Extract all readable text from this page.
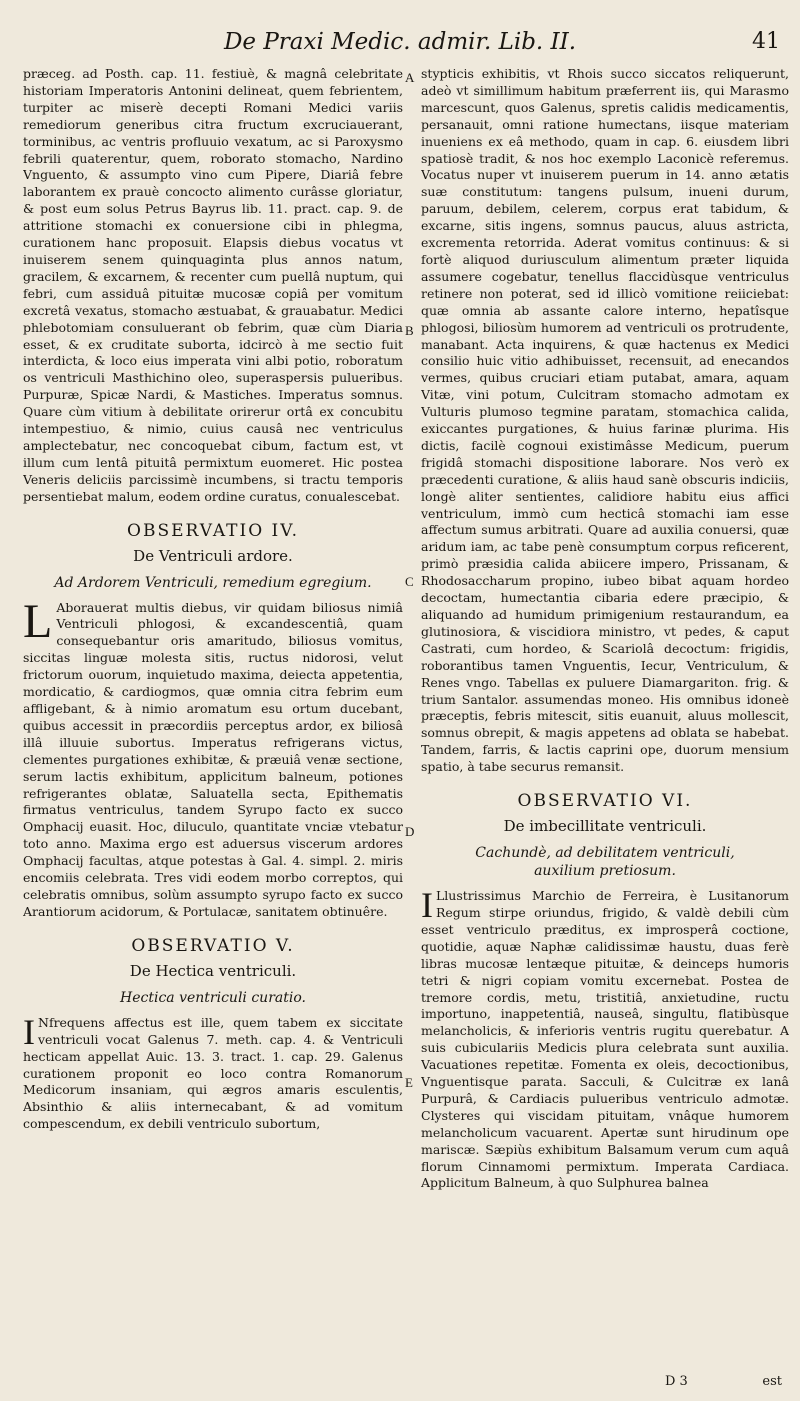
De Praxi Medic. admir. Lib. II.	41
A
B
C
D
E

præceg. ad Posth. cap. 11. festiuè, & magnâ celebritate historiam Imperatoris Antonini delineat, quem febrientem, turpiter ac miserè decepti Romani Medici variis remediorum generibus citra fructum excruciauerant, torminibus, ac ventris profluuio vexatum, ac si Paroxysmo febrili quaterentur, quem, roborato stomacho, Nardino Vnguento, & assumpto vino cum Pipere, Diariâ febre laborantem ex prauè concocto alimento curâsse gloriatur, & post eum solus Petrus Bayrus lib. 11. pract. cap. 9. de attritione stomachi ex conuersione cibi in phlegma, curationem hanc proposuit. Elapsis diebus vocatus vt inuiserem senem quinquaginta plus annos natum, gracilem, & excarnem, & recenter cum puellâ nuptum, qui febri, cum assiduâ pituitæ mucosæ copiâ per vomitum excretâ vexatus, stomacho æstuabat, & grauabatur. Medici phlebotomiam consuluerant ob febrim, quæ cùm Diaria esset, & ex cruditate suborta, idcircò à me sectio fuit interdicta, & loco eius imperata vini albi potio, roboratum os ventriculi Masthichino oleo, superaspersis pulueribus. Purpuræ, Spicæ Nardi, & Mastiches. Imperatus somnus. Quare cùm vitium à debilitate orirerur ortâ ex concubitu intempestiuo, & nimio, cuius causâ nec ventriculus amplectebatur, nec concoquebat cibum, factum est, vt illum cum lentâ pituitâ permixtum euomeret. Hic postea Veneris deliciis parcissimè incumbens, si tractu temporis persentiebat malum, eodem ordine curatus, conualescebat.

OBSERVATIO IV.
De Ventriculi ardore.
Ad Ardorem Ventriculi, remedium egregium.

L Aborauerat multis diebus, vir quidam biliosus nimiâ Ventriculi phlogosi, & excandescentiâ, quam consequebantur oris amaritudo, biliosus vomitus, siccitas linguæ molesta sitis, ructus nidorosi, velut frictorum ouorum, inquietudo maxima, deiecta appetentia, mordicatio, & cardiogmos, quæ omnia citra febrim eum affligebant, & à nimio aromatum esu ortum ducebant, quibus accessit in præcordiis perceptus ardor, ex biliosâ illâ illuuie subortus. Imperatus refrigerans victus, clementes purgationes exhibitæ, & præuiâ venæ sectione, serum lactis exhibitum, applicitum balneum, potiones refrigerantes oblatæ, Saluatella secta, Epithematis firmatus ventriculus, tandem Syrupo facto ex succo Omphacij euasit. Hoc, diluculo, quantitate vnciæ vtebatur toto anno. Maxima ergo est aduersus viscerum ardores Omphacij facultas, atque potestas à Gal. 4. simpl. 2. miris encomiis celebrata. Tres vidi eodem morbo correptos, qui celebratis omnibus, solùm assumpto syrupo facto ex succo Arantiorum acidorum, & Portulacæ, sanitatem obtinuêre.

OBSERVATIO V.
De Hectica ventriculi.
Hectica ventriculi curatio.

I Nfrequens affectus est ille, quem tabem ex siccitate ventriculi vocat Galenus 7. meth. cap. 4. & Ventriculi hecticam appellat Auic. 13. 3. tract. 1. cap. 29. Galenus curationem proponit eo loco contra Romanorum Medicorum insaniam, qui ægros amaris esculentis, Absinthio & aliis internecabant, & ad vomitum compescendum, ex debili ventriculo subortum,

stypticis exhibitis, vt Rhois succo siccatos reliquerunt, adeò vt simillimum habitum præferrent iis, qui Marasmo marcescunt, quos Galenus, spretis calidis medicamentis, persanauit, omni ratione humectans, iisque materiam inueniens ex eâ methodo, quam in cap. 6. eiusdem libri spatiosè tradit, & nos hoc exemplo Laconicè referemus. Vocatus nuper vt inuiserem puerum in 14. anno ætatis suæ constitutum: tangens pulsum, inueni durum, paruum, debilem, celerem, corpus erat tabidum, & excarne, sitis ingens, somnus paucus, aluus astricta, excrementa retorrida. Aderat vomitus continuus: & si fortè aliquod duriusculum alimentum præter liquida assumere cogebatur, tenellus flaccidùsque ventriculus retinere non poterat, sed id illicò vomitione reiiciebat: quæ omnia ab assante calore interno, hepatîsque phlogosi, biliosùm humorem ad ventriculi os protrudente, manabant. Acta inquirens, & quæ hactenus ex Medici consilio huic vitio adhibuisset, recensuit, ad enecandos vermes, quibus cruciari etiam putabat, amara, aquam Vitæ, vini potum, Culcitram stomacho admotam ex Vulturis plumoso tegmine paratam, stomachica calida, exiccantes purgationes, & huius farinæ plurima. His dictis, facilè cognoui existimâsse Medicum, puerum frigidâ stomachi dispositione laborare. Nos verò ex præcedenti curatione, & aliis haud sanè obscuris indiciis, longè aliter sentientes, calidiore habitu eius affici ventriculum, immò cum hecticâ stomachi iam esse affectum sumus arbitrati. Quare ad auxilia conuersi, quæ aridum iam, ac tabe penè consumptum corpus reficerent, primò præsidia calida abiicere impero, Prissanam, & Rhodosaccharum propino, iubeo bibat aquam hordeo decoctam, humectantia cibaria edere præcipio, & aliquando ad humidum primigenium restaurandum, ea glutinosiora, & viscidiora ministro, vt pedes, & caput Castrati, cum hordeo, & Scariolâ decoctum: frigidis, roborantibus tamen Vnguentis, Iecur, Ventriculum, & Renes vngo. Tabellas ex puluere Diamargariton. frig. & trium Santalor. assumendas moneo. His omnibus idoneè præceptis, febris mitescit, sitis euanuit, aluus mollescit, somnus obrepit, & magis appetens ad oblata se habebat. Tandem, farris, & lactis caprini ope, duorum mensium spatio, à tabe securus remansit.

OBSERVATIO VI.
De imbecillitate ventriculi.
Cachundè, ad debilitatem ventriculi, auxilium pretiosum.

I Llustrissimus Marchio de Ferreira, è Lusitanorum Regum stirpe oriundus, frigido, & valdè debili cùm esset ventriculo præditus, ex improsperâ coctione, quotidie, aquæ Naphæ calidissimæ haustu, duas ferè libras mucosæ lentæque pituitæ, & deinceps humoris tetri & nigri copiam vomitu excernebat. Postea de tremore cordis, metu, tristitiâ, anxietudine, ructu importuno, inappetentiâ, nauseâ, singultu, flatibùsque melancholicis, & inferioris ventris rugitu querebatur. A suis cubiculariis Medicis plura celebrata sunt auxilia. Vacuationes repetitæ. Fomenta ex oleis, decoctionibus, Vnguentisque parata. Sacculi, & Culcitræ ex lanâ Purpurâ, & Cardiacis pulueribus ventriculo admotæ. Clysteres qui viscidam pituitam, vnâque humorem melancholicum vacuarent. Apertæ sunt hirudinum ope mariscæ. Sæpiùs exhibitum Balsamum verum cum aquâ florum Cinnamomi permixtum. Imperata Cardiaca. Applicitum Balneum, à quo Sulphurea balnea

D 3	est
